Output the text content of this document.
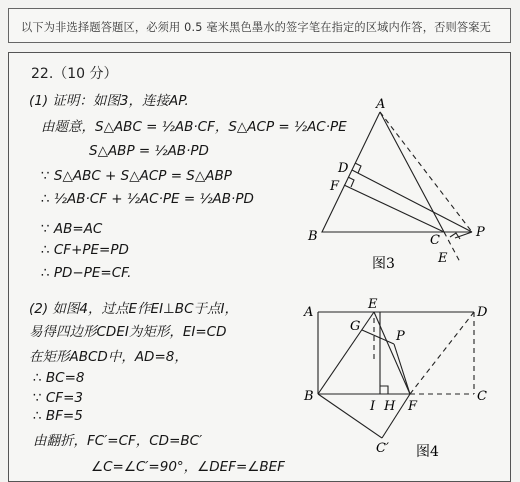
以下为非选择题答题区，必须用 0.5 毫米黑色墨水的签字笔在指定的区域内作答，否则答案无
22.（10 分）
(1) 证明：如图3，连接AP.
由题意，S△ABC = ½AB·CF，S△ACP = ½AC·PE
S△ABP = ½AB·PD
∵ S△ABC + S△ACP = S△ABP
∴ ½AB·CF + ½AC·PE = ½AB·PD
∵ AB=AC
∴ CF+PE=PD
∴ PD−PE=CF.
(2) 如图4，过点E作EI⊥BC于点I，
易得四边形CDEI为矩形，EI=CD
在矩形ABCD中，AD=8，
∴ BC=8
∵ CF=3
∴ BF=5
由翻折，FC′=CF，CD=BC′
∠C=∠C′=90°，∠DEF=∠BEF
A
B	C
D
F
P
E
图3
A
B
E
D
G
P
C
I H F
C′ 图4
